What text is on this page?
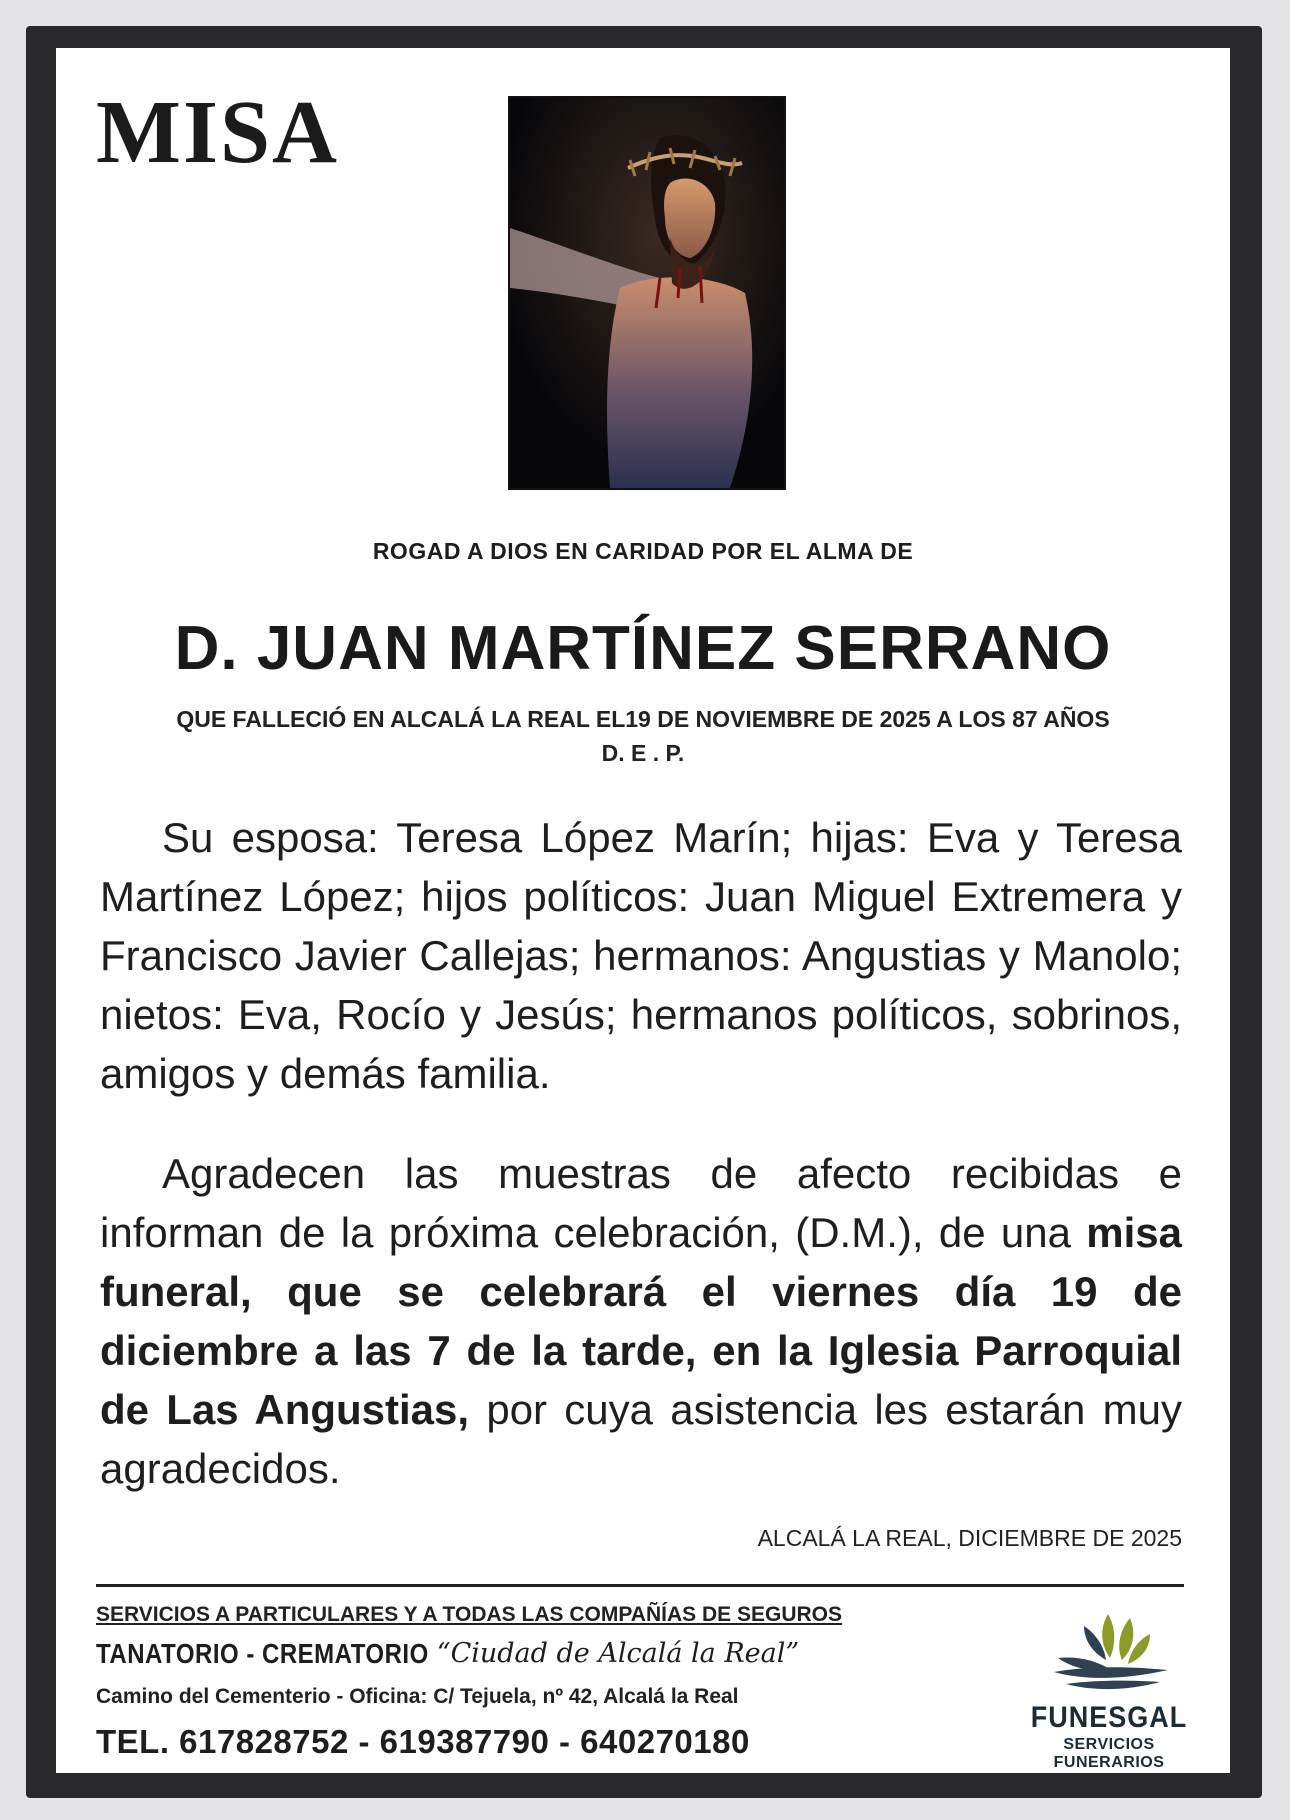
MISA
ROGAD A DIOS EN CARIDAD POR EL ALMA DE
D. JUAN MARTÍNEZ SERRANO
QUE FALLECIÓ EN ALCALÁ LA REAL EL19 DE NOVIEMBRE DE 2025 A LOS 87 AÑOS
D. E . P.

Su esposa: Teresa López Marín; hijas: Eva y Teresa Martínez López; hijos políticos: Juan Miguel Extremera y Francisco Javier Callejas; hermanos: Angustias y Manolo; nietos: Eva, Rocío y Jesús; hermanos políticos, sobrinos, amigos y demás familia.

Agradecen las muestras de afecto recibidas e informan de la próxima celebración, (D.M.), de una misa funeral, que se celebrará el viernes día 19 de diciembre a las 7 de la tarde, en la Iglesia Parroquial de Las Angustias, por cuya asistencia les estarán muy agradecidos.

ALCALÁ LA REAL, DICIEMBRE DE 2025
SERVICIOS A PARTICULARES Y A TODAS LAS COMPAÑÍAS DE SEGUROS
TANATORIO - CREMATORIO “Ciudad de Alcalá la Real”
Camino del Cementerio - Oficina: C/ Tejuela, nº 42, Alcalá la Real
TEL. 617828752 - 619387790 - 640270180
FUNESGAL
SERVICIOS FUNERARIOS
